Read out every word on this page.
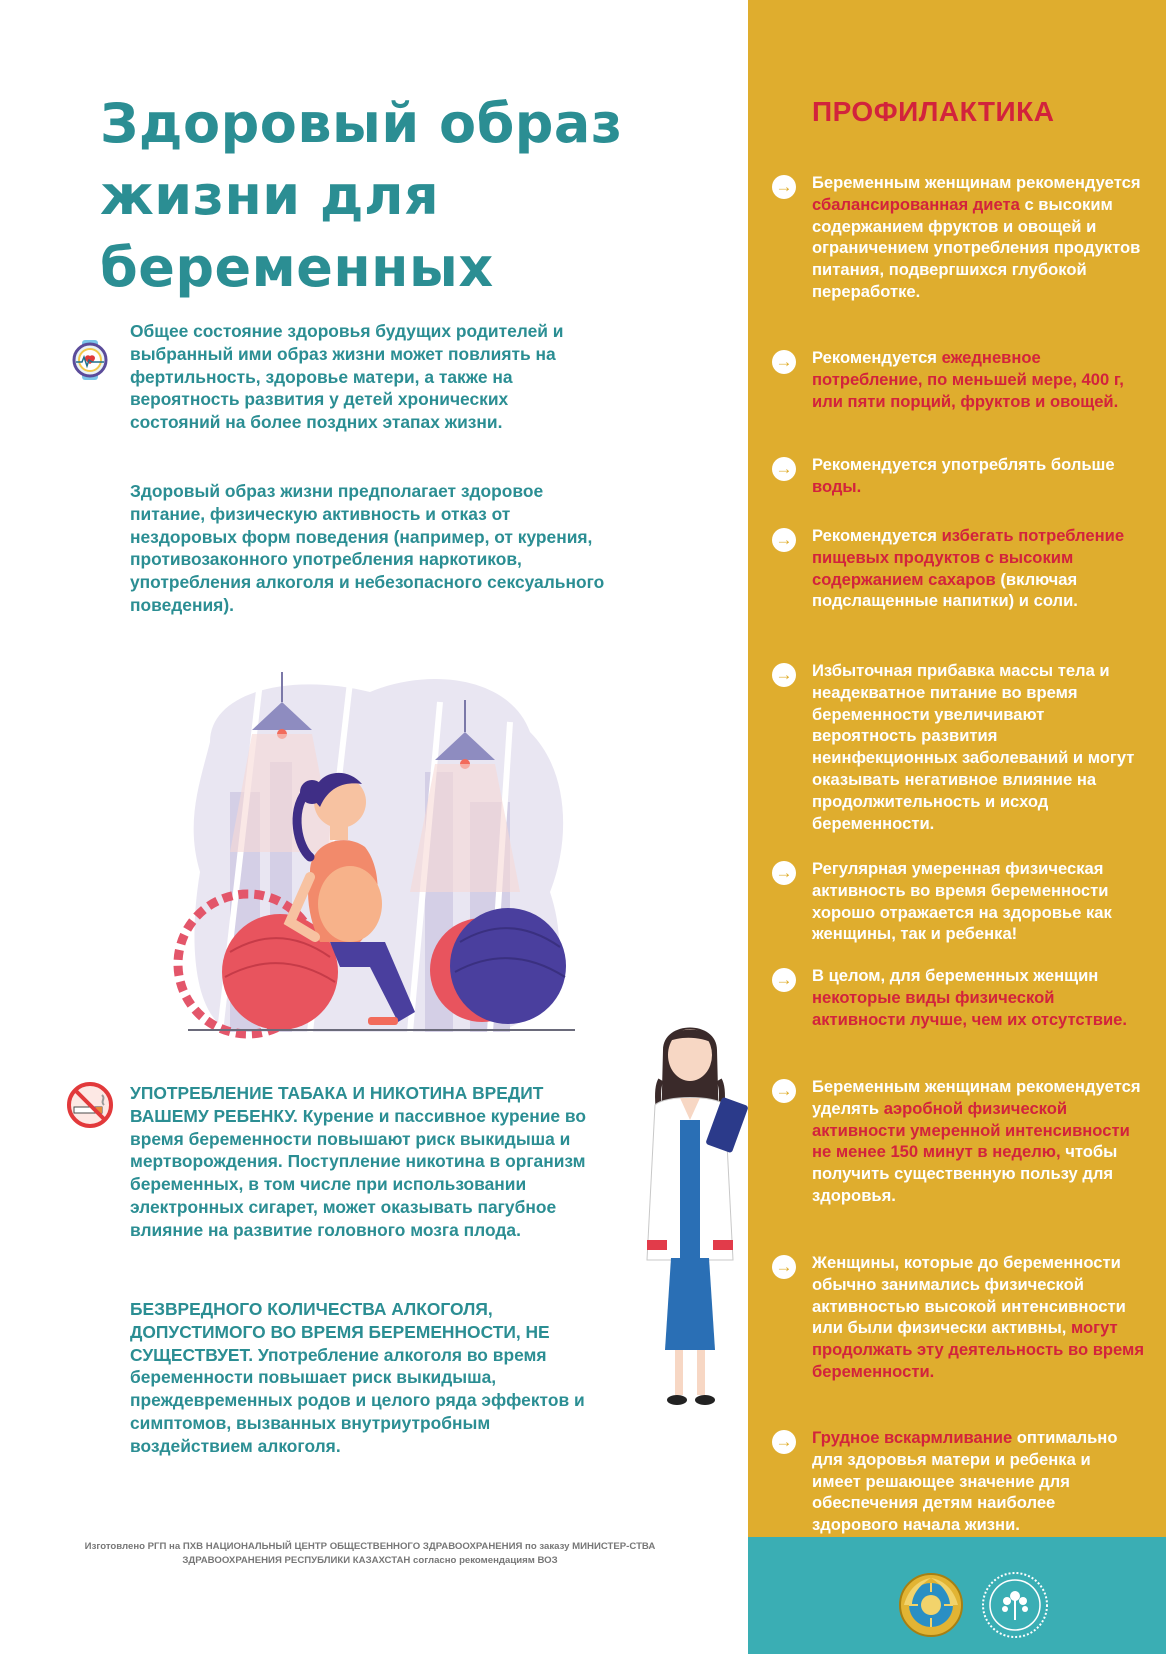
Здоровый образ
жизни для
беременных

Общее состояние здоровья будущих родителей и выбранный ими образ жизни может повлиять на фертильность, здоровье матери, а также на вероятность развития у детей хронических состояний на более поздних этапах жизни.

Здоровый образ жизни предполагает здоровое питание, физическую активность и отказ от нездоровых форм поведения (например, от курения, противозаконного употребления наркотиков, употребления алкоголя и небезопасного сексуального поведения).

УПОТРЕБЛЕНИЕ ТАБАКА И НИКОТИНА ВРЕДИТ ВАШЕМУ РЕБЕНКУ. Курение и пассивное курение во время беременности повышают риск выкидыша и мертворождения. Поступление никотина в организм беременных, в том числе при использовании электронных сигарет, может оказывать пагубное влияние на развитие головного мозга плода.

БЕЗВРЕДНОГО КОЛИЧЕСТВА АЛКОГОЛЯ, ДОПУСТИМОГО ВО ВРЕМЯ БЕРЕМЕННОСТИ, НЕ СУЩЕСТВУЕТ. Употребление алкоголя во время беременности повышает риск выкидыша, преждевременных родов и целого ряда эффектов и симптомов, вызванных внутриутробным воздействием алкоголя.

ПРОФИЛАКТИКА
→ Беременным женщинам рекомендуется сбалансированная диета с высоким содержанием фруктов и овощей и ограничением употребления продуктов питания, подвергшихся глубокой переработке.
→ Рекомендуется ежедневное потребление, по меньшей мере, 400 г, или пяти порций, фруктов и овощей.
→ Рекомендуется употреблять больше воды.
→ Рекомендуется избегать потребление пищевых продуктов с высоким содержанием сахаров (включая подслащенные напитки) и соли.
→ Избыточная прибавка массы тела и неадекватное питание во время беременности увеличивают вероятность развития неинфекционных заболеваний и могут оказывать негативное влияние на продолжительность и исход беременности.
→ Регулярная умеренная физическая активность во время беременности хорошо отражается на здоровье как женщины, так и ребенка!
→ В целом, для беременных женщин некоторые виды физической активности лучше, чем их отсутствие.
→ Беременным женщинам рекомендуется уделять аэробной физической активности умеренной интенсивности не менее 150 минут в неделю, чтобы получить существенную пользу для здоровья.
→ Женщины, которые до беременности обычно занимались физической активностью высокой интенсивности или были физически активны, могут продолжать эту деятельность во время беременности.
→ Грудное вскармливание оптимально для здоровья матери и ребенка и имеет решающее значение для обеспечения детям наиболее здорового начала жизни.

Изготовлено РГП на ПХВ НАЦИОНАЛЬНЫЙ ЦЕНТР ОБЩЕСТВЕННОГО ЗДРАВООХРАНЕНИЯ по заказу МИНИСТЕР-СТВА ЗДРАВООХРАНЕНИЯ РЕСПУБЛИКИ КАЗАХСТАН согласно рекомендациям ВОЗ
